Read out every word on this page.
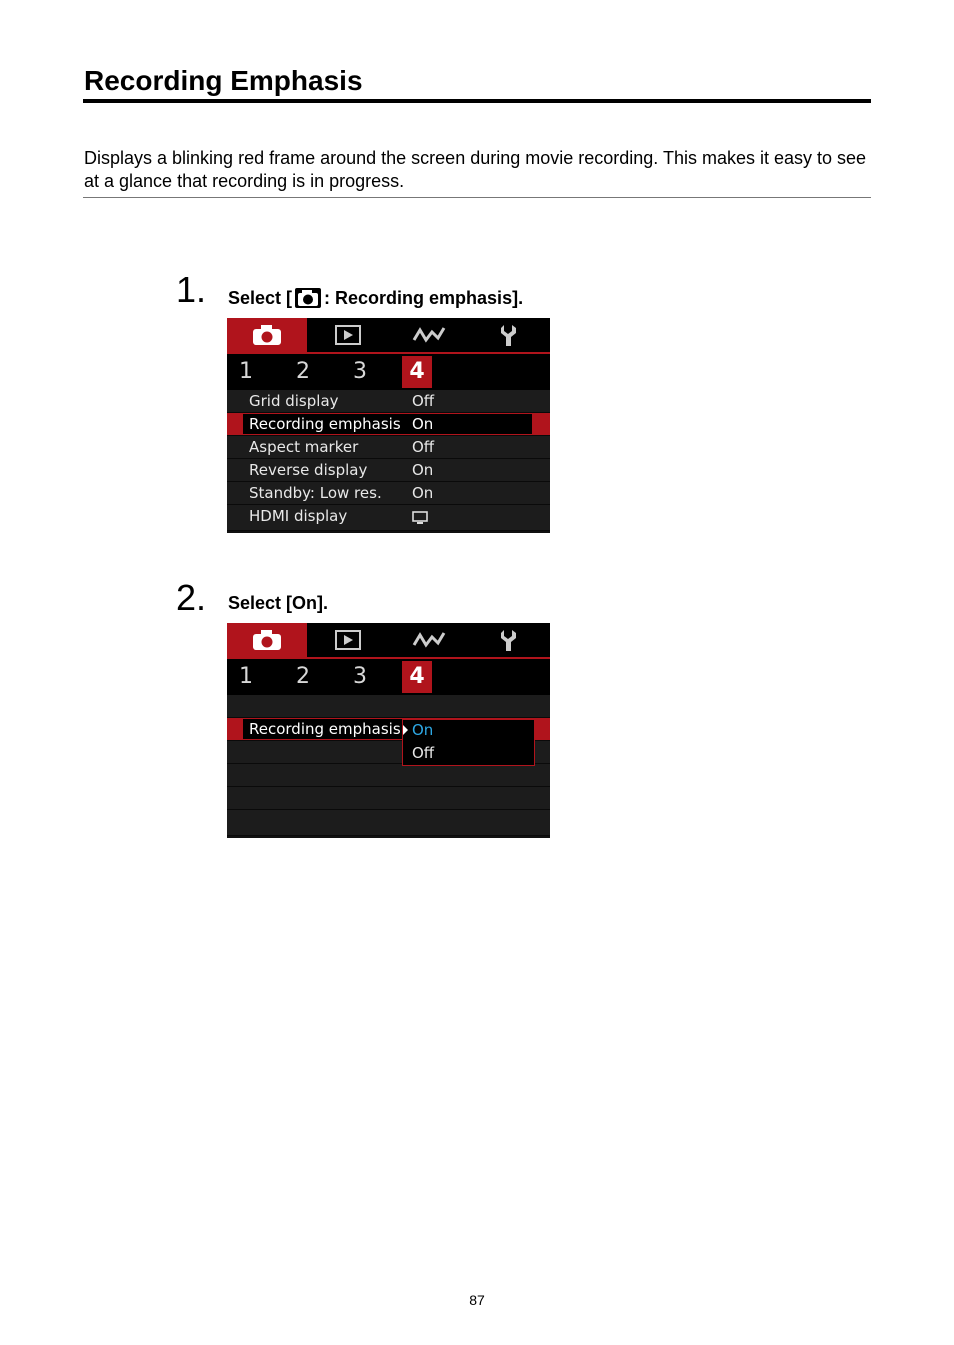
Recording Emphasis

Displays a blinking red frame around the screen during movie recording. This makes it easy to see at a glance that recording is in progress.

1. Select [ : Recording emphasis].
1	2	3	4
Grid display	Off
Recording emphasis On
Aspect marker	Off
Reverse display	On
Standby: Low res. On
HDMI display
2. Select [On].
1	2	3	4
Recording emphasis On
Off
87
